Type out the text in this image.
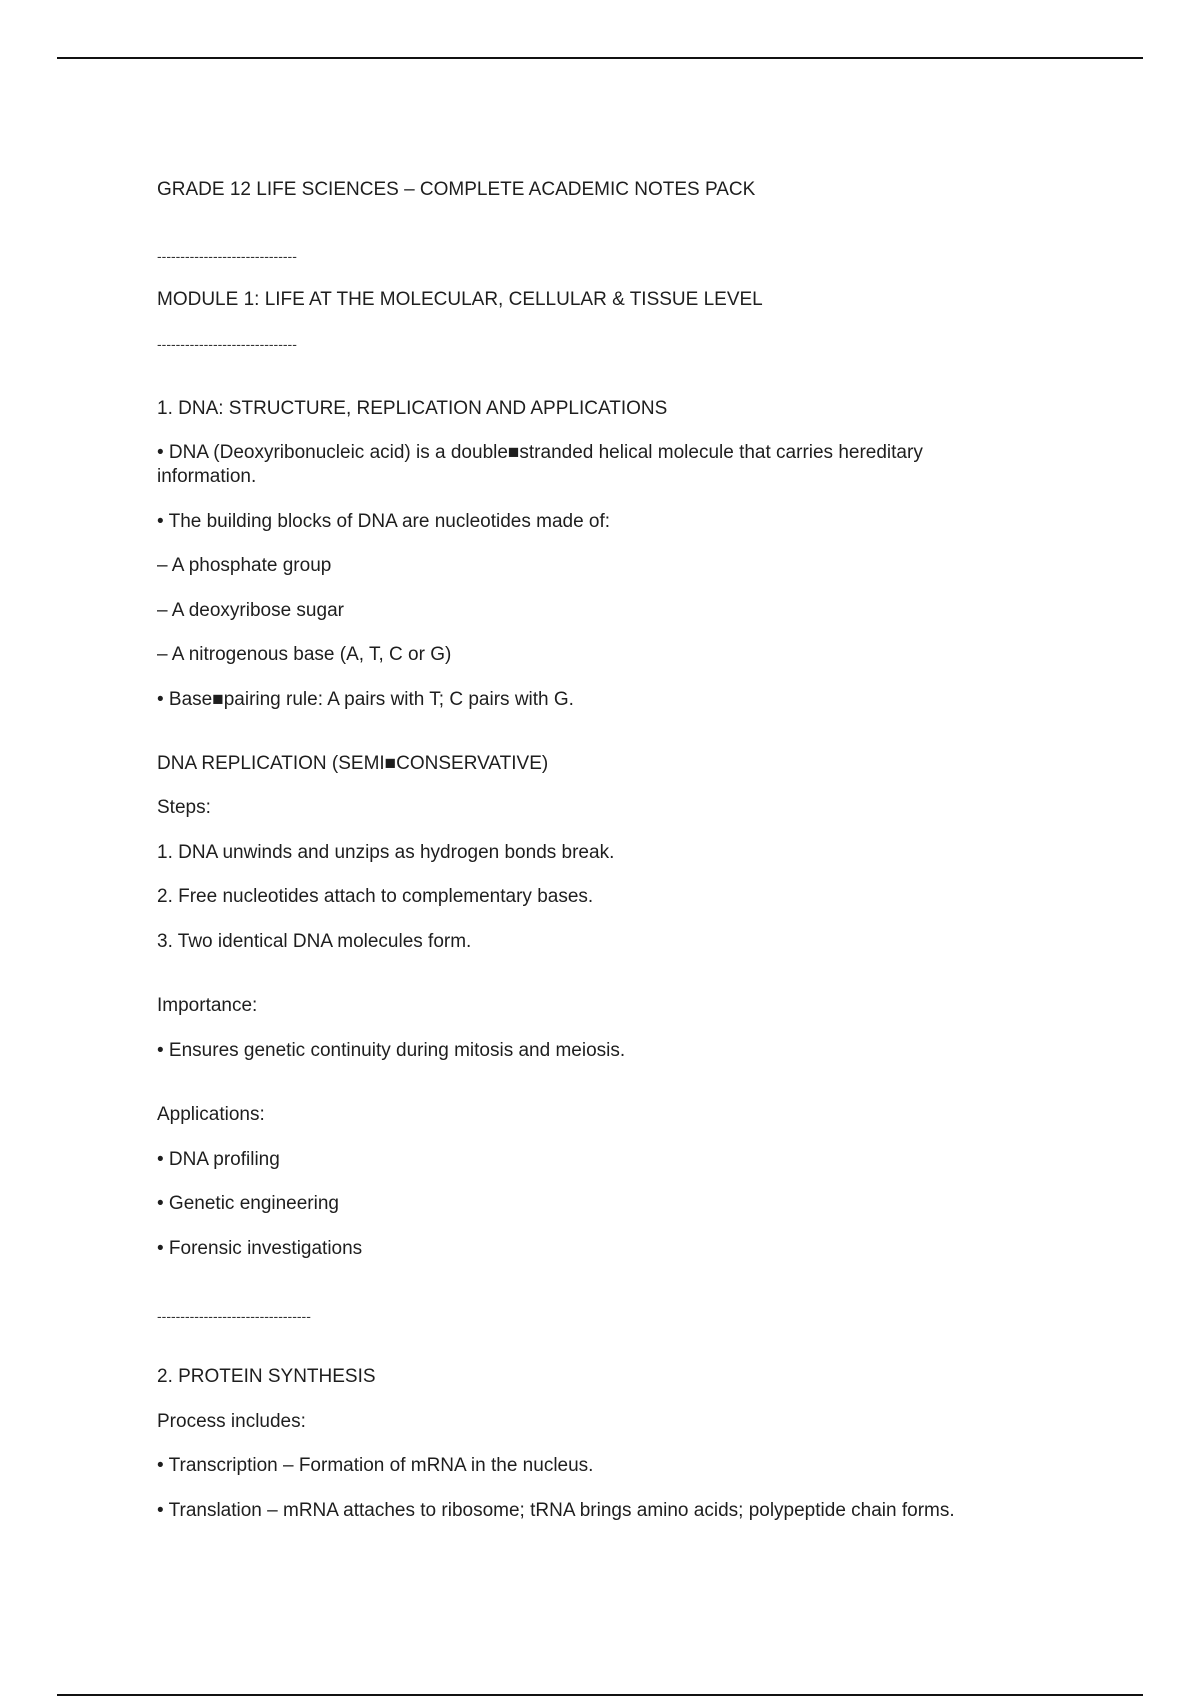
GRADE 12 LIFE SCIENCES – COMPLETE ACADEMIC NOTES PACK

------------------------------

MODULE 1: LIFE AT THE MOLECULAR, CELLULAR & TISSUE LEVEL

------------------------------

1. DNA: STRUCTURE, REPLICATION AND APPLICATIONS

• DNA (Deoxyribonucleic acid) is a double■stranded helical molecule that carries hereditary information.

• The building blocks of DNA are nucleotides made of:

– A phosphate group

– A deoxyribose sugar

– A nitrogenous base (A, T, C or G)

• Base■pairing rule: A pairs with T; C pairs with G.

DNA REPLICATION (SEMI■CONSERVATIVE)

Steps:

1. DNA unwinds and unzips as hydrogen bonds break.

2. Free nucleotides attach to complementary bases.

3. Two identical DNA molecules form.

Importance:

• Ensures genetic continuity during mitosis and meiosis.

Applications:

• DNA profiling

• Genetic engineering

• Forensic investigations

---------------------------------

2. PROTEIN SYNTHESIS

Process includes:

• Transcription – Formation of mRNA in the nucleus.

• Translation – mRNA attaches to ribosome; tRNA brings amino acids; polypeptide chain forms.
